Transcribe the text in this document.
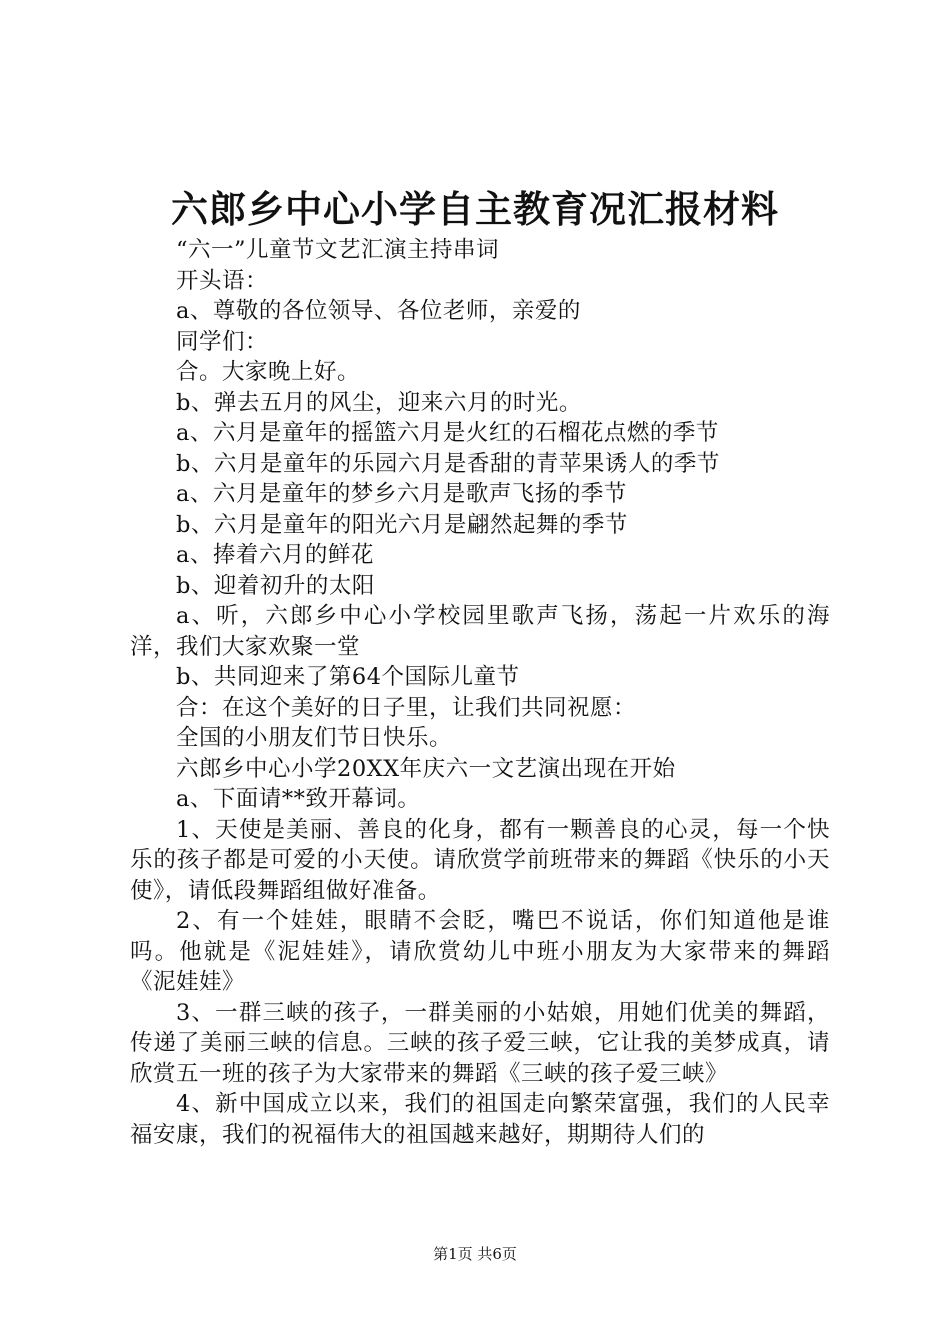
六郎乡中心小学自主教育况汇报材料

“六一”儿童节文艺汇演主持串词

开头语：

a、尊敬的各位领导、各位老师，亲爱的

同学们：

合。大家晚上好。

b、弹去五月的风尘，迎来六月的时光。

a、六月是童年的摇篮六月是火红的石榴花点燃的季节

b、六月是童年的乐园六月是香甜的青苹果诱人的季节

a、六月是童年的梦乡六月是歌声飞扬的季节

b、六月是童年的阳光六月是翩然起舞的季节

a、捧着六月的鲜花

b、迎着初升的太阳

a、听，六郎乡中心小学校园里歌声飞扬，荡起一片欢乐的海洋，我们大家欢聚一堂

b、共同迎来了第64个国际儿童节

合：在这个美好的日子里，让我们共同祝愿：

全国的小朋友们节日快乐。

六郎乡中心小学20XX年庆六一文艺演出现在开始

a、下面请**致开幕词。

1、天使是美丽、善良的化身，都有一颗善良的心灵，每一个快乐的孩子都是可爱的小天使。请欣赏学前班带来的舞蹈《快乐的小天使》，请低段舞蹈组做好准备。

2、有一个娃娃，眼睛不会眨，嘴巴不说话，你们知道他是谁吗。他就是《泥娃娃》，请欣赏幼儿中班小朋友为大家带来的舞蹈《泥娃娃》

3、一群三峡的孩子，一群美丽的小姑娘，用她们优美的舞蹈，传递了美丽三峡的信息。三峡的孩子爱三峡，它让我的美梦成真，请欣赏五一班的孩子为大家带来的舞蹈《三峡的孩子爱三峡》

4、新中国成立以来，我们的祖国走向繁荣富强，我们的人民幸福安康，我们的祝福伟大的祖国越来越好，期期待人们的

第1页 共6页
